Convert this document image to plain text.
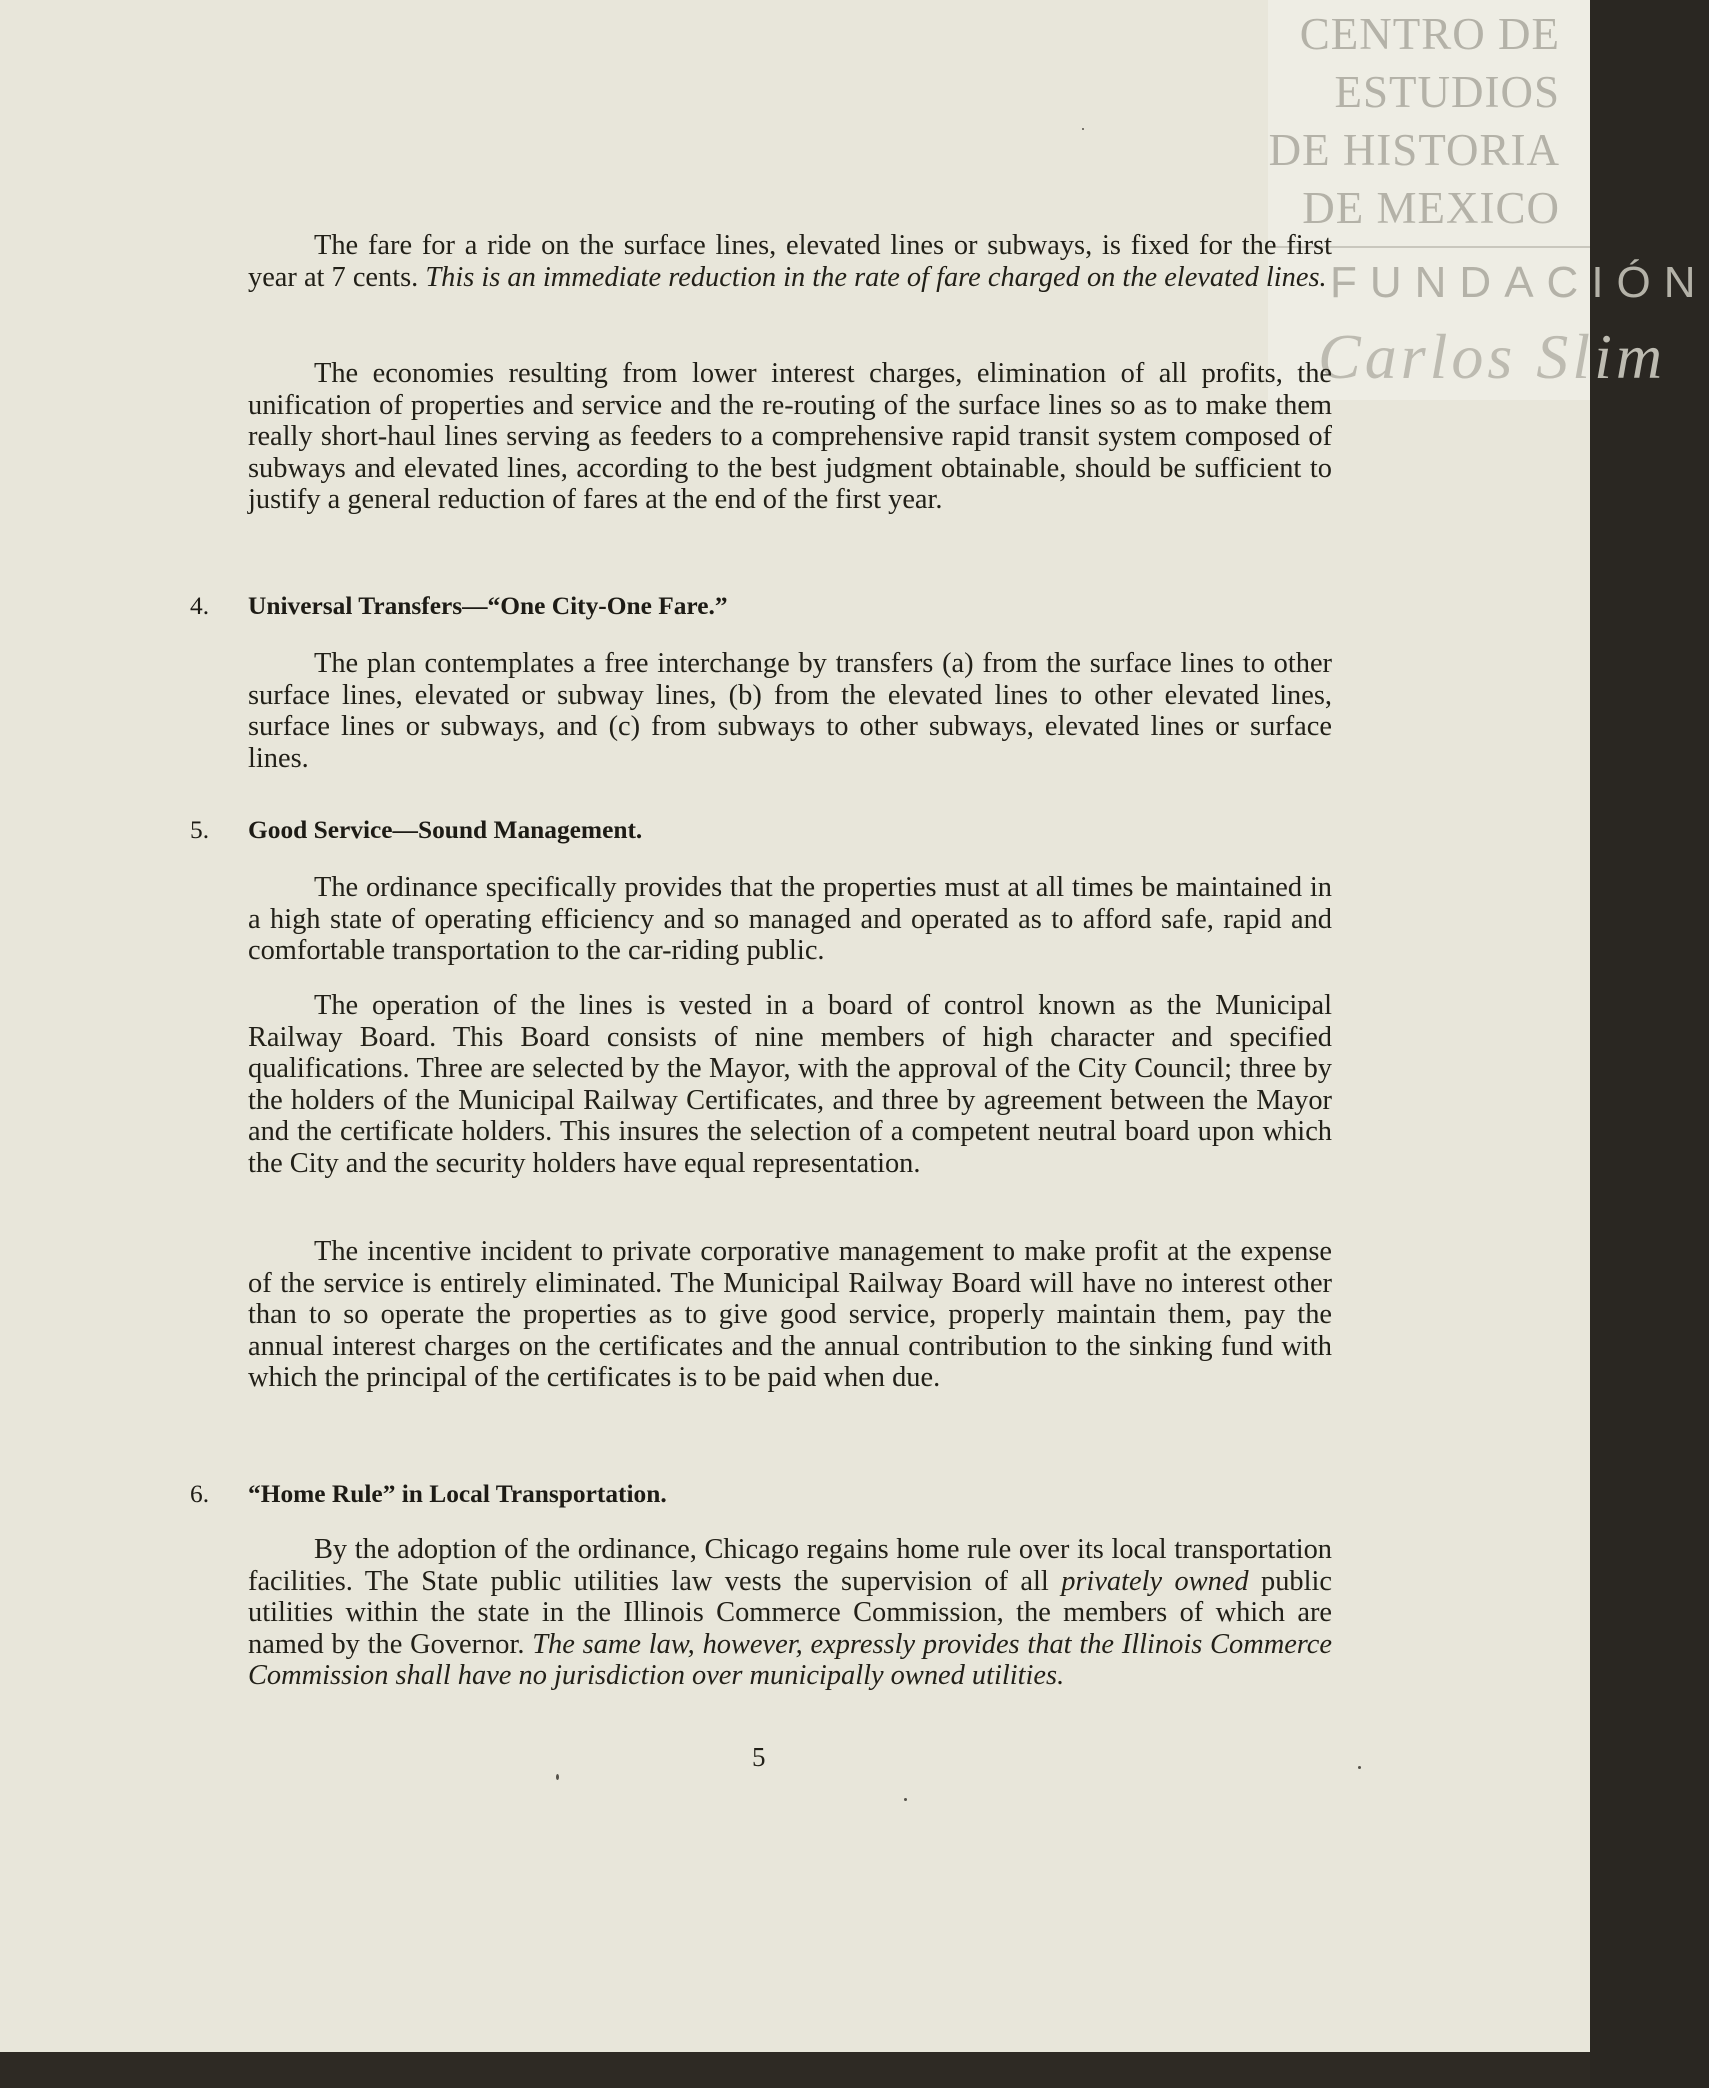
CENTRO DE
ESTUDIOS
DE HISTORIA
DE MEXICO
FUNDACIÓN
Carlos Slim

The fare for a ride on the surface lines, elevated lines or subways, is fixed for the first year at 7 cents. This is an immediate reduction in the rate of fare charged on the elevated lines.

The economies resulting from lower interest charges, elimination of all profits, the unification of properties and service and the re-routing of the surface lines so as to make them really short-haul lines serving as feeders to a comprehensive rapid transit system composed of subways and elevated lines, according to the best judgment obtainable, should be sufficient to justify a general reduction of fares at the end of the first year.

4. Universal Transfers—“One City-One Fare.”

The plan contemplates a free interchange by transfers (a) from the surface lines to other surface lines, elevated or subway lines, (b) from the elevated lines to other elevated lines, surface lines or subways, and (c) from subways to other subways, elevated lines or surface lines.

5. Good Service—Sound Management.

The ordinance specifically provides that the properties must at all times be maintained in a high state of operating efficiency and so managed and operated as to afford safe, rapid and comfortable transportation to the car-riding public.

The operation of the lines is vested in a board of control known as the Municipal Railway Board. This Board consists of nine members of high character and specified qualifications. Three are selected by the Mayor, with the approval of the City Council; three by the holders of the Municipal Railway Certificates, and three by agreement between the Mayor and the certificate holders. This insures the selection of a competent neutral board upon which the City and the security holders have equal representation.

The incentive incident to private corporative management to make profit at the expense of the service is entirely eliminated. The Municipal Railway Board will have no interest other than to so operate the properties as to give good service, properly maintain them, pay the annual interest charges on the certificates and the annual contribution to the sinking fund with which the principal of the certificates is to be paid when due.

6. “Home Rule” in Local Transportation.

By the adoption of the ordinance, Chicago regains home rule over its local transportation facilities. The State public utilities law vests the supervision of all privately owned public utilities within the state in the Illinois Commerce Commission, the members of which are named by the Governor. The same law, however, expressly provides that the Illinois Commerce Commission shall have no jurisdiction over municipally owned utilities.

5
